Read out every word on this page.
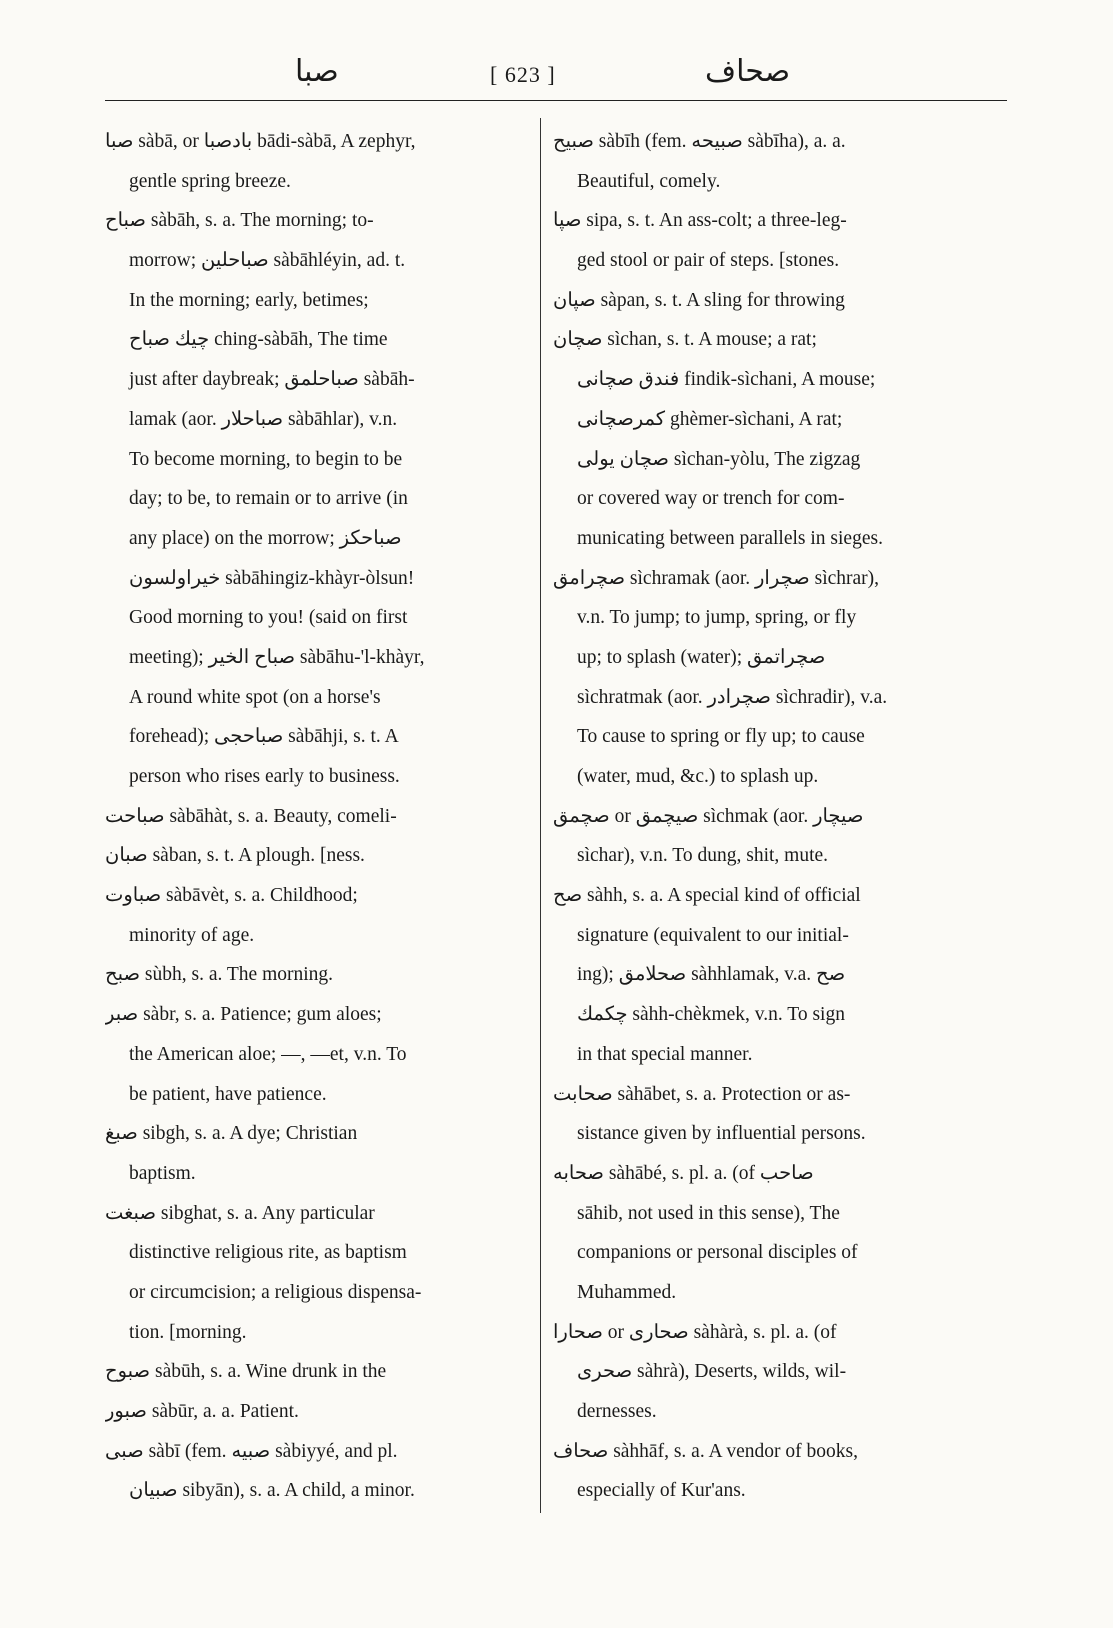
صبا	[ 623 ]	صحاف
صبا sàbā, or بادصبا bādi-sàbā, A zephyr,
gentle spring breeze.
صباح sàbāh, s. a. The morning; to-
morrow; صباحلين sàbāhléyin, ad. t.
In the morning; early, betimes;
چيك صباح ching-sàbāh, The time
just after daybreak; صباحلمق sàbāh-
lamak (aor. صباحلار sàbāhlar), v.n.
To become morning, to begin to be
day; to be, to remain or to arrive (in
any place) on the morrow; صباحكز
خيراولسون sàbāhingiz-khàyr-òlsun!
Good morning to you! (said on first
meeting); صباح الخير sàbāhu-'l-khàyr,
A round white spot (on a horse's
forehead); صباحجى sàbāhji, s. t. A
person who rises early to business.
صباحت sàbāhàt, s. a. Beauty, comeli-
صبان sàban, s. t. A plough. [ness.
صباوت sàbāvèt, s. a. Childhood;
minority of age.
صبح sùbh, s. a. The morning.
صبر sàbr, s. a. Patience; gum aloes;
the American aloe; —, —et, v.n. To
be patient, have patience.
صبغ sibgh, s. a. A dye; Christian
baptism.
صبغت sibghat, s. a. Any particular
distinctive religious rite, as baptism
or circumcision; a religious dispensa-
tion. [morning.
صبوح sàbūh, s. a. Wine drunk in the
صبور sàbūr, a. a. Patient.
صبى sàbī (fem. صبيه sàbiyyé, and pl.
صبيان sibyān), s. a. A child, a minor.
صبيح sàbīh (fem. صبيحه sàbīha), a. a.
Beautiful, comely.
صپا sipa, s. t. An ass-colt; a three-leg-
ged stool or pair of steps. [stones.
صپان sàpan, s. t. A sling for throwing
صچان sìchan, s. t. A mouse; a rat;
فندق صچانى findik-sìchani, A mouse;
كمرصچانى ghèmer-sìchani, A rat;
صچان يولى sìchan-yòlu, The zigzag
or covered way or trench for com-
municating between parallels in sieges.
صچرامق sìchramak (aor. صچرار sìchrar),
v.n. To jump; to jump, spring, or fly
up; to splash (water); صچراتمق
sìchratmak (aor. صچرادر sìchradir), v.a.
To cause to spring or fly up; to cause
(water, mud, &c.) to splash up.
صچمق or صيچمق sìchmak (aor. صيچار
sìchar), v.n. To dung, shit, mute.
صح sàhh, s. a. A special kind of official
signature (equivalent to our initial-
ing); صحلامق sàhhlamak, v.a. صح
چكمك sàhh-chèkmek, v.n. To sign
in that special manner.
صحابت sàhābet, s. a. Protection or as-
sistance given by influential persons.
صحابه sàhābé, s. pl. a. (of صاحب
sāhib, not used in this sense), The
companions or personal disciples of
Muhammed.
صحارا or صحارى sàhàrà, s. pl. a. (of
صحرى sàhrà), Deserts, wilds, wil-
dernesses.
صحاف sàhhāf, s. a. A vendor of books,
especially of Kur'ans.
